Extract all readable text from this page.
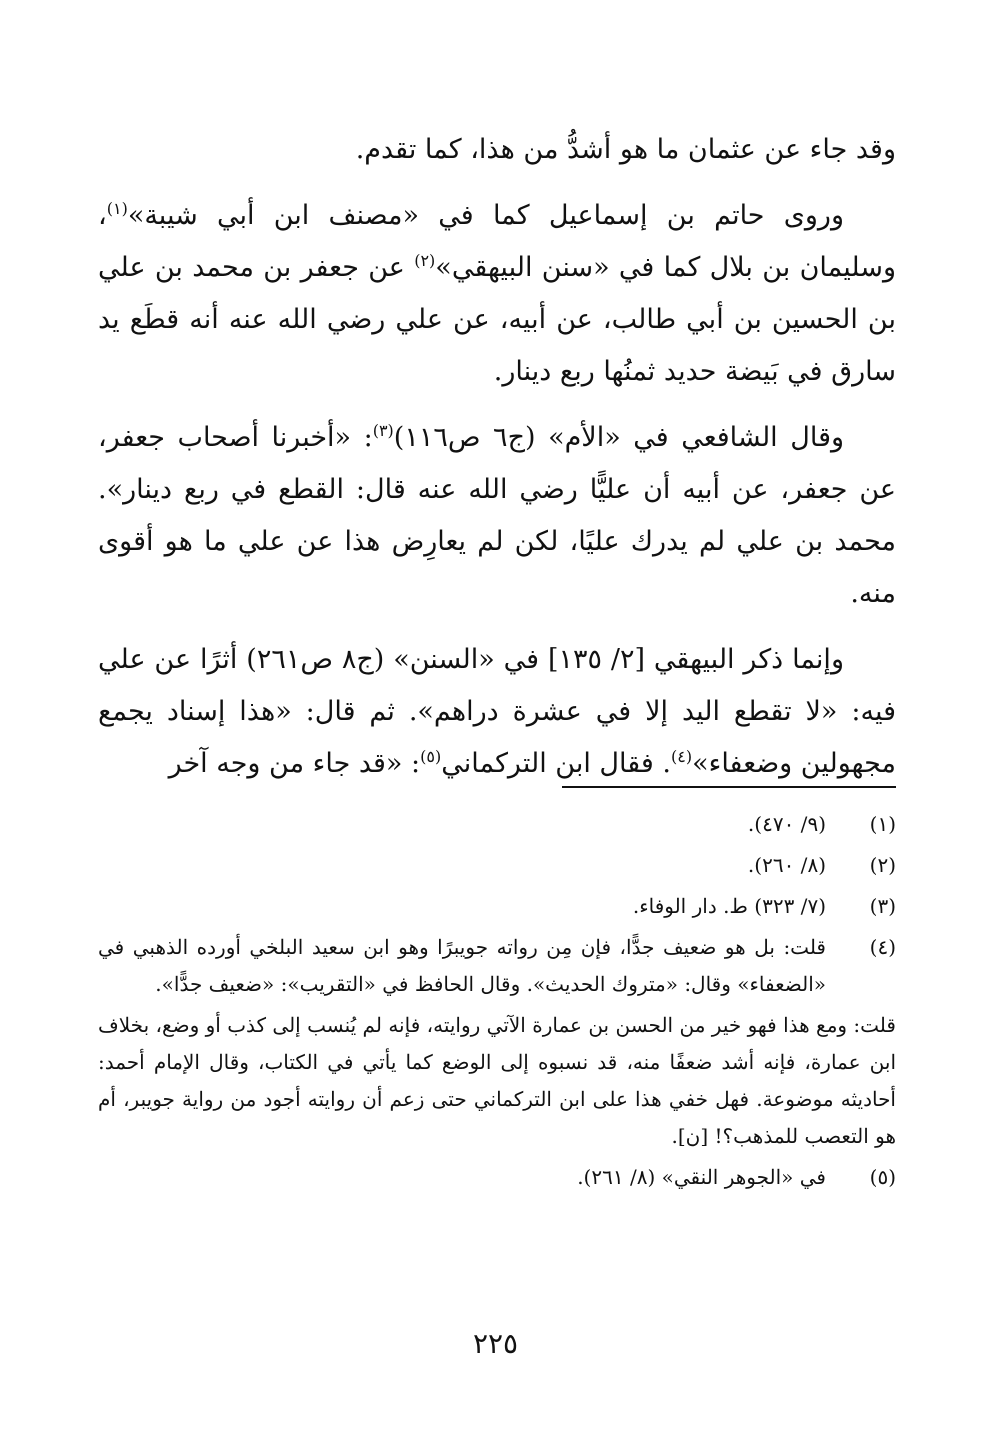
وقد جاء عن عثمان ما هو أشدُّ من هذا، كما تقدم.

وروى حاتم بن إسماعيل كما في «مصنف ابن أبي شيبة»$^{(١)}$، وسليمان بن بلال كما في «سنن البيهقي»$^{(٢)}$ عن جعفر بن محمد بن علي بن الحسين بن أبي طالب، عن أبيه، عن علي رضي الله عنه أنه قطَع يد سارق في بَيضة حديد ثمنُها ربع دينار.

وقال الشافعي في «الأم» (ج٦ ص١١٦)$^{(٣)}$: «أخبرنا أصحاب جعفر، عن جعفر، عن أبيه أن عليًّا رضي الله عنه قال: القطع في ربع دينار». محمد بن علي لم يدرك عليًا، لكن لم يعارِض هذا عن علي ما هو أقوى منه.

وإنما ذكر البيهقي [٢/ ١٣٥] في «السنن» (ج٨ ص٢٦١) أثرًا عن علي فيه: «لا تقطع اليد إلا في عشرة دراهم». ثم قال: «هذا إسناد يجمع مجهولين وضعفاء»$^{(٤)}$. فقال ابن التركماني$^{(٥)}$: «قد جاء من وجه آخر

(١)
(٩/ ٤٧٠).
(٢)
(٨/ ٢٦٠).
(٣)
(٧/ ٣٢٣) ط. دار الوفاء.
(٤)
قلت: بل هو ضعيف جدًّا، فإن مِن رواته جويبرًا وهو ابن سعيد البلخي أورده الذهبي في «الضعفاء» وقال: «متروك الحديث». وقال الحافظ في «التقريب»: «ضعيف جدًّا».
قلت: ومع هذا فهو خير من الحسن بن عمارة الآتي روايته، فإنه لم يُنسب إلى كذب أو وضع، بخلاف ابن عمارة، فإنه أشد ضعفًا منه، قد نسبوه إلى الوضع كما يأتي في الكتاب، وقال الإمام أحمد: أحاديثه موضوعة. فهل خفي هذا على ابن التركماني حتى زعم أن روايته أجود من رواية جويبر، أم هو التعصب للمذهب؟! [ن].
(٥)
في «الجوهر النقي» (٨/ ٢٦١).
٢٢٥
